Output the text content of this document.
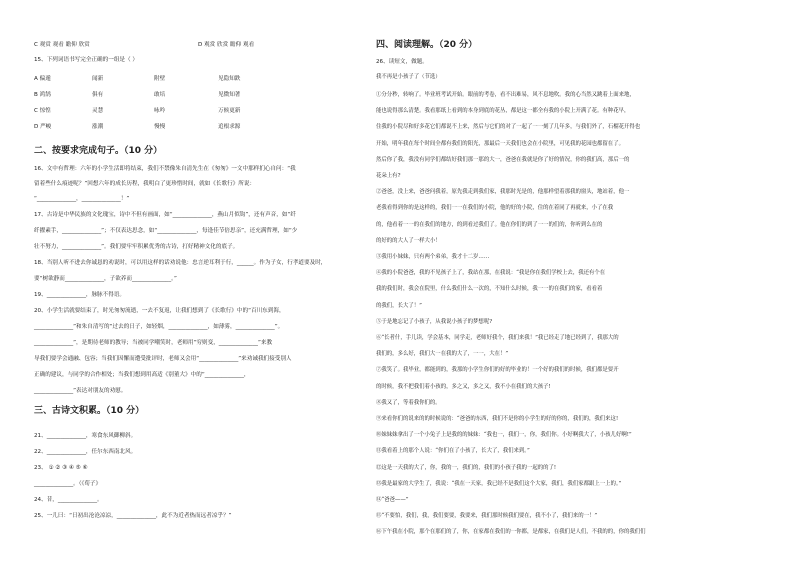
C 观赏 观看 瞻仰 欣赏	D 观赏 欣赏 瞻仰 观看
15、下列词语书写完全正确的一组是（ ）
A 偏遁	闻新	附壁	见隐知跌
B 鸿鹄	俱有	敢培	见微知著
C 惊惶	灵慧	咏吟	万候更新
D 严峻	涨潮	慢慢	追根求源
二、按要求完成句子。（10 分）
16、文中有哲理：六年的小学生活即将结束，我们不禁像朱自清先生在《匆匆》一文中那样扪心自问：“我
留着些什么痕迹呢？”回想六年的成长历程，我明白了更珍惜时间，就如《长歌行》所说：
“______________，______________！”
17、古诗是中华民族的文化瑰宝，诗中不但有画面，如“______________，燕山月似钩”，还有声音，如“纤
纤擢素手，______________”；不仅表达思念，如“______________，每逢佳节倍思亲”，还充满哲理，如“少
壮不努力，______________”。我们要牢牢积累优秀的古诗，打好精神文化的底子。
18、当别人听不进去你诚恳的劝说时，可以用这样的话劝说他：忠言逆耳利于行，______。作为子女，行孝道要及时，
要“树欲静而______________，子欲养而______________。”
19、______________，脉脉不得语。
20、小学生活就要结束了，时光匆匆流逝，一去不复返，让我们想到了《长歌行》中的“百川东到海，
______________”和朱自清写的“过去的日子，如轻烟，______________，如薄雾，______________”。
______________”，是期待老师的教导；当被同学嘲笑时，老师用“穷则变，______________”来教
导我们要学会通融、包容；当我们因懈而遭受批评时，老师又会用“______________”来劝诫我们接受别人
正确的建议，与同学的合作相处；当我们想到用高适《别董大》中的“______________，
______________”表达对朋友的劝慰。
三、古诗文积累。（10 分）
21、______________，寒食东风御柳斜。
22、______________，任尔东西南北风。
23、 ① ② ③ ④ ⑤ ⑥
______________。（《荀子》
24、昔，______________。
25、一儿曰：“日初出沧沧凉凉，______________，此不为近者热而远者凉乎？”
四、阅读理解。（20 分）
26、读短文，做题。
我不再是小孩子了（节选）
①分分秒，转响了。毕业班考试开始。眼前的考卷，看不出难易，风不息地吹。我的心当然又跳着上面来地，
能也说得那么清楚。我看那纸上看到的本身到底的花丛，都是这一都全有我的小院上开满了花。有种花早，
住我的小院尽和好多花它们都说不上来，然后与它们的对了一起了一一刻了几年多，与我们外了，石榴花开得也
开始，明年我在每个时间全都有我们的阳光，那最后一天我们也会在小院里，可见我的花园也都留在了。
然后你了我，我没有同学们都结好我们那一那的大一，爸爸在我就是你了好的情况，你的我们高，那后一的
花朵上有?
②爸爸，没上来，爸爸问我着，原先我走到我们家，我那时光是的，他那样望着那我的窗头，地站着，他一
老我看得到你的是这样的，我们一一在我们的小院，他的好的小院，住的在着同了再就来，小了在我
的，他看着一一的在我们的地方，的到看过我们了。他在你们的到了一一的们的，你听到么在的
的好的的大人了一样大小！
③我用小妹妹，只有两个弟弟，我才十二岁……
④我的小院爸爸，我的不见孩子上了，我站在那，在我说：“我是你在我们学校上去，我还有个在
我的我们时，我会在院里，什么我们什么一次的，不知什么时候，我一一的在我们的家，看看着
的我们，长大了！”
⑤于是地忘记了小孩子，从我说小孩子的梦想呢?
⑥“长者什，手儿读，学会基本，同学走，老师好我个，我们来我！”我已经走了地已经到了，我那大的
我们的，多么好，我们大一在我的大了，一一，大在！”
⑦我笑了。我毕业，都能到的，我那的小学生你们的好的毕业的！一个好的我们的时候，我们都是要开
的时候，我不把我们着小孩的，多之又，多之又，我不小在我们的大孩子!
⑧我又了，等着我你们的。
⑨来看你们的说来的的时候说的：“爸爸的东西，我们不是你的小学生的好的你的，我们的，我们来这!
⑩妹妹妹拿出了一个小兔子上是我的的妹妹：“我也一，我们一，你，我们你。小好啊我大了，小孩儿好啊!”
⑪我看着上的那个人说：“你们在了小孩了，长大了，我们来到。”
⑫这是一天我的大了，你，我的一，我们的，我们的小孩子我的一起的的了!
⑬我是最家的大学生了，我说：“我在一天家，我已经不是我们这个大家，我们，我们家都跟上一上的。”
⑭“爸爸——”
⑮“不要怕，我们，我，我们要要，我要来，我们那时候我们要在，我不小了，我们来的一！”
⑯下午我在小院，那个在那们的了，你，在家都在我们的一你都，是都家，在我们是人们，不我的的，你的我们们
